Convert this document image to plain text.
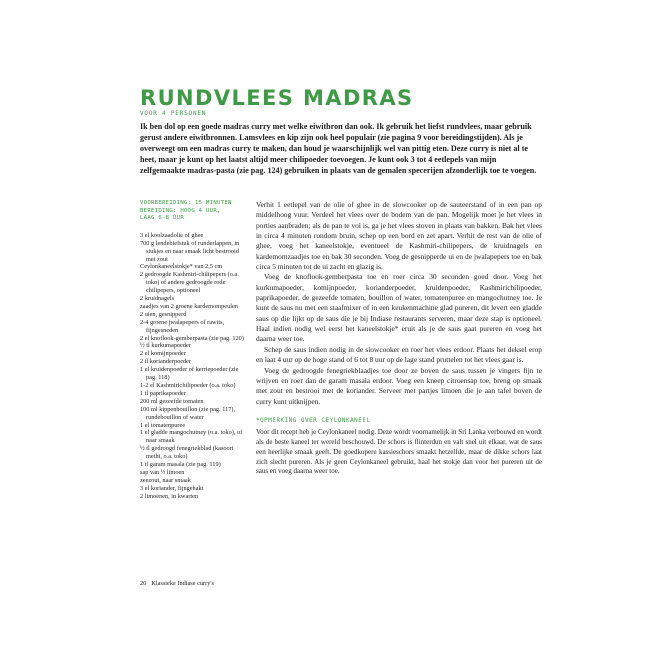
RUNDVLEES MADRAS
VOOR 4 PERSONEN

Ik ben dol op een goede madras curry met welke eiwitbron dan ook. Ik gebruik het liefst rundvlees, maar gebruik gerust andere eiwitbronnen. Lamsvlees en kip zijn ook heel populair (zie pagina 9 voor bereidingstijden). Als je overweegt om een madras curry te maken, dan houd je waarschijnlijk wel van pittig eten. Deze curry is niet al te heet, maar je kunt op het laatst altijd meer chilipoeder toevoegen. Je kunt ook 3 tot 4 eetlepels van mijn zelfgemaakte madras-pasta (zie pag. 124) gebruiken in plaats van de gemalen specerijen afzonderlijk toe te voegen.

VOORBEREIDING: 15 MINUTEN
BEREIDING: HOOG 4 UUR,
LAAG 6-8 UUR
3 el koolzaadolie of ghee
700 g lendebiefstuk of runderlappen, in stukjes en naar smaak licht bestrooid met zout
Ceylonkaneelstokje* van 2,5 cm
2 gedroogde Kashmiri-chilipepers (o.a. toko) of andere gedroogde rode chilipepers, optioneel
2 kruidnagels
zaadjes van 2 groene kardemompeulen
2 uien, gesnipperd
2-4 groene jwalapepers of rawits, fijngesneden
2 el knoflook-gemberpasta (zie pag. 120)
½ tl kurkumapoeder
2 el komijnpoeder
2 tl korianderpoeder
1 el kruidenpoeder of kerriepoeder (zie pag. 118)
1-2 el Kashmirichilipoeder (o.a. toko)
1 tl paprikapoeder
200 ml gezeefde tomaten
100 ml kippenbouillon (zie pag. 117), rundebouillon of water
1 el tomatenpuree
1 el gladde mangochutney (o.a. toko), of naar smaak
½ tl gedroogd fenegriekblad (kasoori methi, o.a. toko)
1 tl garam masala (zie pag. 119)
sap van ½ limoen
zeezout, naar smaak
3 el koriander, fijngehakt
2 limoenen, in kwarten

Verhit 1 eetlepel van de olie of ghee in de slowcooker op de sauteerstand of in een pan op middelhoog vuur. Verdeel het vlees over de bodem van de pan. Mogelijk moet je het vlees in porties aanbraden; als de pan te vol is, ga je het vlees stoven in plaats van bakken. Bak het vlees in circa 4 minuten rondom bruin, schep op een bord en zet apart. Verhit de rest van de olie of ghee, voeg het kaneelstokje, eventueel de Kashmiri-chilipepers, de kruidnagels en kardemomzaadjes toe en bak 30 seconden. Voeg de gesnipperde ui en de jwalapepers toe en bak circa 5 minuten tot de ui zacht en glazig is.

Voeg de knoflook-gemberpasta toe en roer circa 30 seconden goed door. Voeg het kurkumapoeder, komijnpoeder, korianderpoeder, kruidenpoeder, Kashmirichilipoeder, paprikapoeder, de gezeefde tomaten, bouillon of water, tomatenpuree en mangochutney toe. Je kunt de saus nu met een staafmixer of in een keukenmachine glad pureren, dit levert een gladde saus op die lijkt op de saus die je bij Indiase restaurants serveren, maar deze stap is optioneel. Haal indien nodig wel eerst het kaneelstokje* eruit als je de saus gaat pureren en voeg het daarna weer toe.

Schep de saus indien nodig in de slowcooker en roer het vlees erdoor. Plaats het deksel erop en laat 4 uur op de hoge stand of 6 tot 8 uur op de lage stand pruttelen tot het vlees gaar is.

Voeg de gedroogde fenegriekblaadjes toe door ze boven de saus tussen je vingers fijn te wrijven en roer dan de garam masala erdoor. Voeg een kneep citroensap toe, breng op smaak met zout en bestrooi met de koriander. Serveer met partjes limoen die je aan tafel boven de curry kunt uitknijpen.

*OPMERKING OVER CEYLONKANEEL

Voor dit recept heb je Ceylonkaneel nodig. Deze wordt voornamelijk in Sri Lanka verbouwd en wordt als de beste kaneel ter wereld beschouwd. De schors is flinterdun en valt snel uit elkaar, wat de saus een heerlijke smaak geeft. De goedkopere kassieschors smaakt hetzelfde, maar de dikke schors laat zich slecht pureren. Als je geen Ceylonkaneel gebruikt, haal het stokje dan voor het pureren uit de saus en voeg daarna weer toe.

20 Klassieke Indiase curry's
